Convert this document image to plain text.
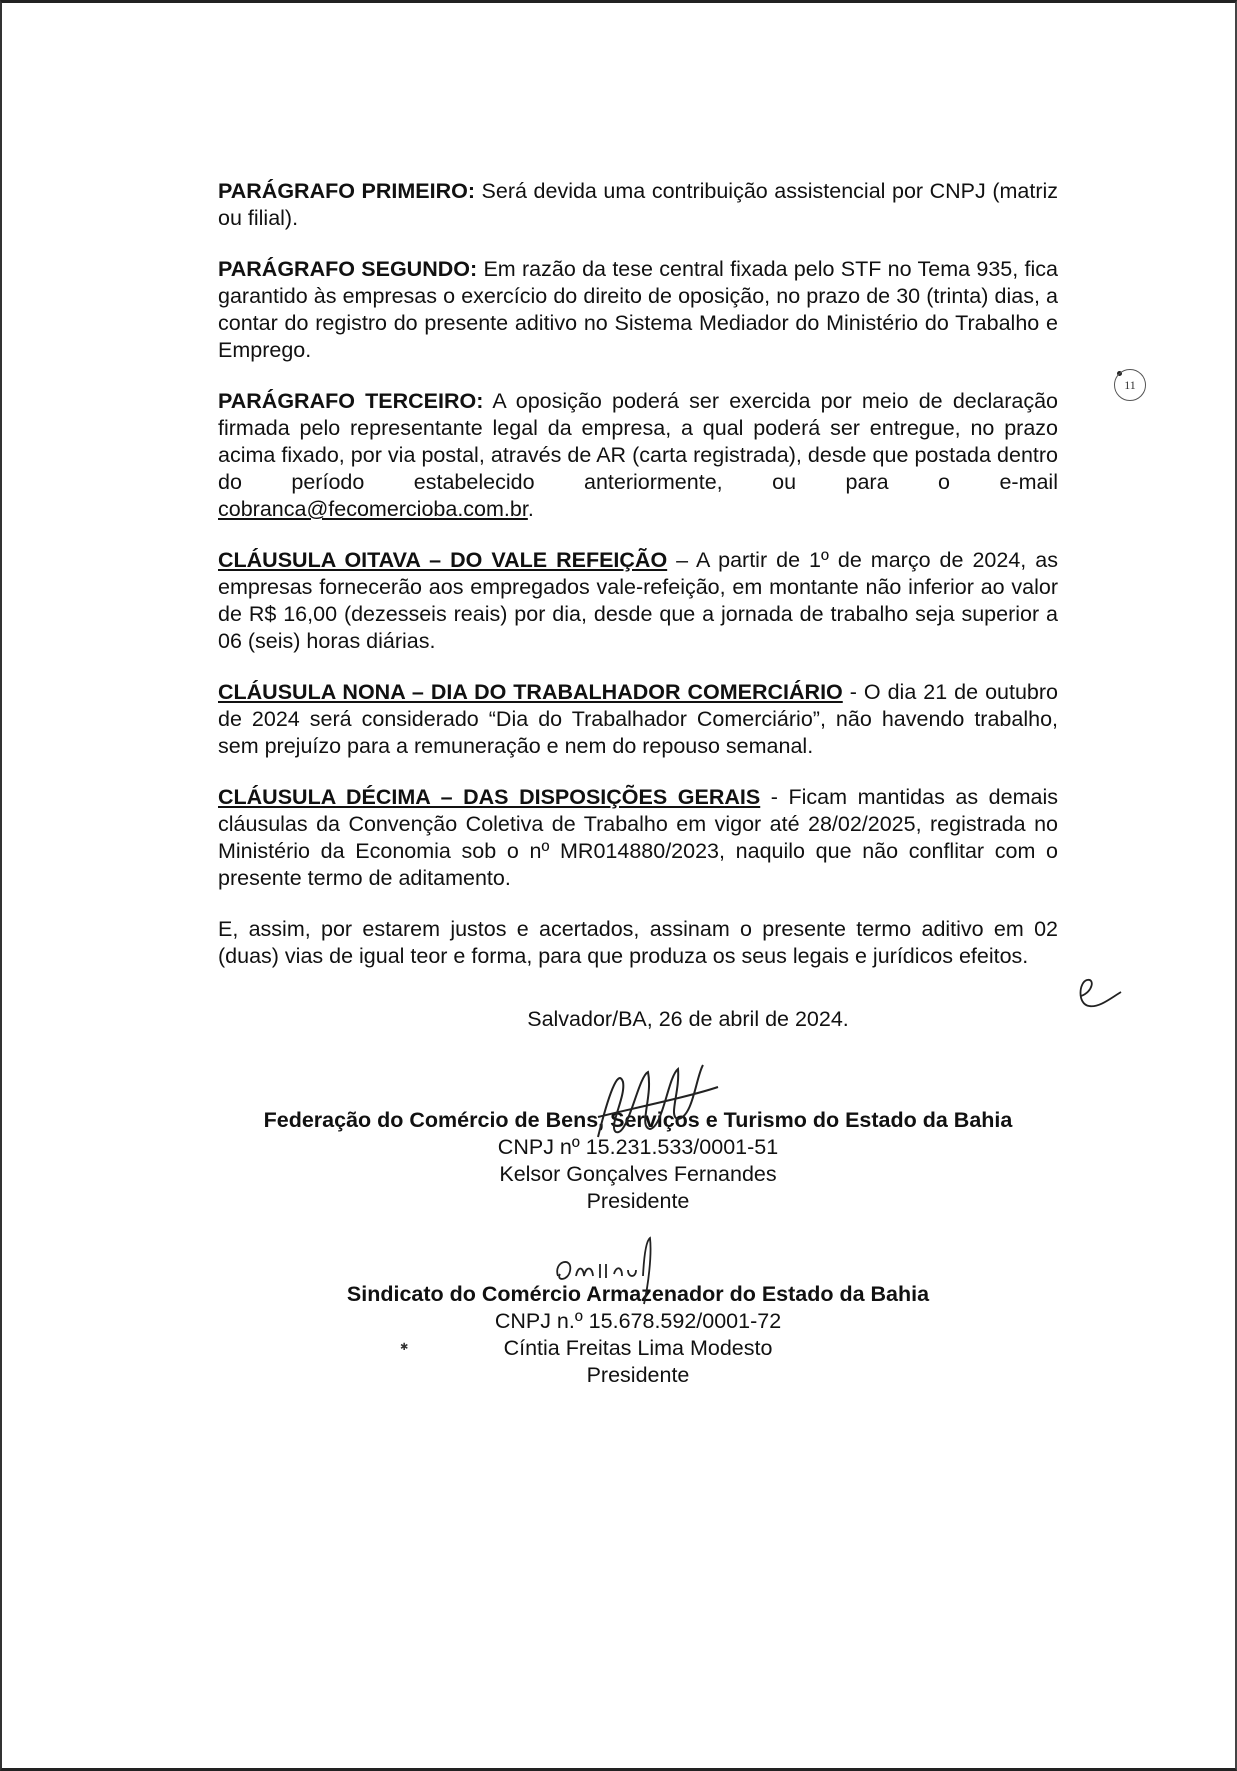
PARÁGRAFO PRIMEIRO: Será devida uma contribuição assistencial por CNPJ (matriz ou filial).

PARÁGRAFO SEGUNDO: Em razão da tese central fixada pelo STF no Tema 935, fica garantido às empresas o exercício do direito de oposição, no prazo de 30 (trinta) dias, a contar do registro do presente aditivo no Sistema Mediador do Ministério do Trabalho e Emprego.

PARÁGRAFO TERCEIRO: A oposição poderá ser exercida por meio de declaração firmada pelo representante legal da empresa, a qual poderá ser entregue, no prazo acima fixado, por via postal, através de AR (carta registrada), desde que postada dentro do período estabelecido anteriormente, ou para o e-mail cobranca@fecomercioba.com.br.

CLÁUSULA OITAVA – DO VALE REFEIÇÃO – A partir de 1º de março de 2024, as empresas fornecerão aos empregados vale-refeição, em montante não inferior ao valor de R$ 16,00 (dezesseis reais) por dia, desde que a jornada de trabalho seja superior a 06 (seis) horas diárias.

CLÁUSULA NONA – DIA DO TRABALHADOR COMERCIÁRIO - O dia 21 de outubro de 2024 será considerado “Dia do Trabalhador Comerciário”, não havendo trabalho, sem prejuízo para a remuneração e nem do repouso semanal.

CLÁUSULA DÉCIMA – DAS DISPOSIÇÕES GERAIS - Ficam mantidas as demais cláusulas da Convenção Coletiva de Trabalho em vigor até 28/02/2025, registrada no Ministério da Economia sob o nº MR014880/2023, naquilo que não conflitar com o presente termo de aditamento.

E, assim, por estarem justos e acertados, assinam o presente termo aditivo em 02 (duas) vias de igual teor e forma, para que produza os seus legais e jurídicos efeitos.

Salvador/BA, 26 de abril de 2024.

Federação do Comércio de Bens, Serviços e Turismo do Estado da Bahia
CNPJ nº 15.231.533/0001-51
Kelsor Gonçalves Fernandes
Presidente
Sindicato do Comércio Armazenador do Estado da Bahia
CNPJ n.º 15.678.592/0001-72
Cíntia Freitas Lima Modesto
Presidente
11
✱
